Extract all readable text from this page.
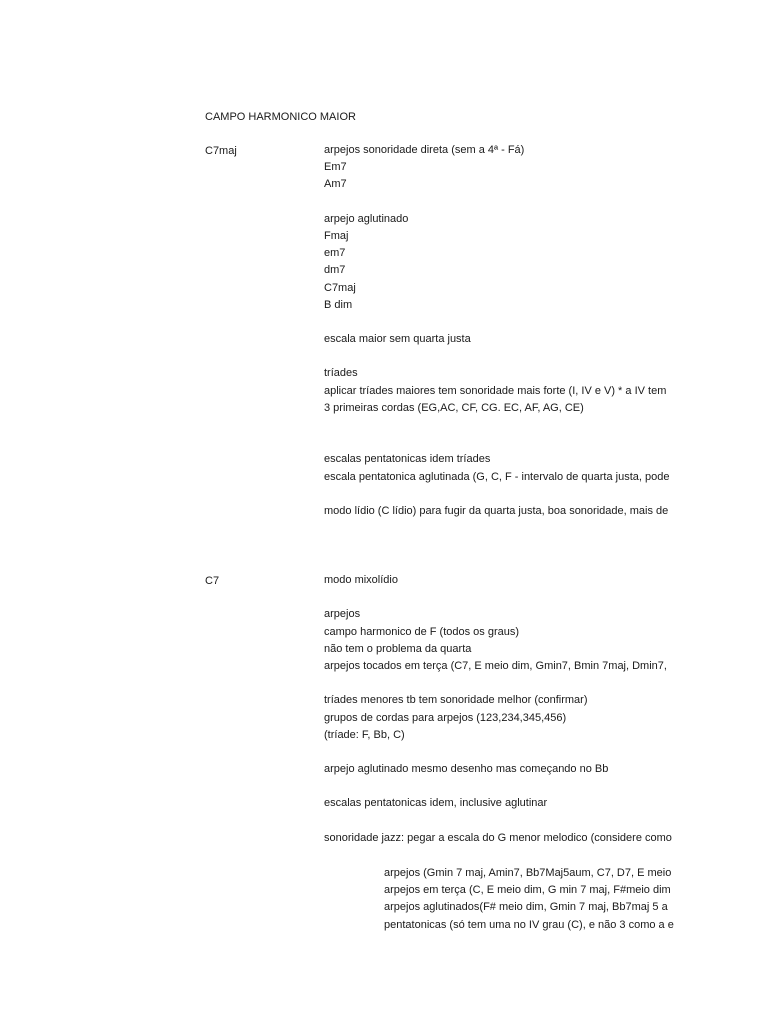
CAMPO HARMONICO MAIOR
C7maj	arpejos sonoridade direta (sem a 4ª - Fá)
Em7
Am7
arpejo aglutinado
Fmaj
em7
dm7
C7maj
B dim
escala maior sem quarta justa
tríades
aplicar tríades maiores tem sonoridade mais forte (I, IV e V) * a IV tem
3 primeiras cordas (EG,AC, CF, CG. EC, AF, AG, CE)
escalas pentatonicas idem tríades
escala pentatonica aglutinada (G, C, F - intervalo de quarta justa, pode
modo lídio (C lídio) para fugir da quarta justa, boa sonoridade, mais de
C7	modo mixolídio
arpejos
campo harmonico de F (todos os graus)
não tem o problema da quarta
arpejos tocados em terça (C7, E meio dim, Gmin7, Bmin 7maj, Dmin7,
tríades menores tb tem sonoridade melhor (confirmar)
grupos de cordas para arpejos (123,234,345,456)
(tríade: F, Bb, C)
arpejo aglutinado mesmo desenho mas começando no Bb
escalas pentatonicas idem, inclusive aglutinar
sonoridade jazz: pegar a escala do G menor melodico (considere como
arpejos (Gmin 7 maj, Amin7, Bb7Maj5aum, C7, D7, E meio
arpejos em terça (C, E meio dim, G min 7 maj, F#meio dim
arpejos aglutinados(F# meio dim, Gmin 7 maj, Bb7maj 5 a
pentatonicas (só tem uma no IV grau (C), e não 3 como a e
